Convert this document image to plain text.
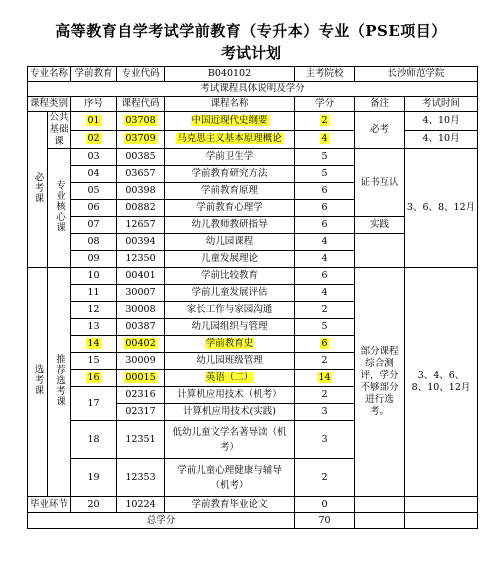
高等教育自学考试学前教育（专升本）专业（PSE项目）
考试计划
专业名称		学前教育	专业代码	B040102	主考院校	长沙师范学院	
考试课程具体说明及学分							
课程类别		序号	课程代码	课程名称	学分	备注	考试时间
必考课	公共基础课	01	03708	中国近现代史纲要	2	必考	4、10月
		02	03709	马克思主义基本原理概论	4		4、10月
	专业核心课	03	00385	学前卫生学	5	证书互认	3、6、8、12月
		04	03657	学前教育研究方法	5		
		05	00398	学前教育原理	6		
		06	00882	学前教育心理学	6		
		07	12657	幼儿教师教研指导	6	实践	
		08	00394	幼儿园课程	4		
		09	12350	儿童发展理论	4		
选考课	推荐选考课	10	00401	学前比较教育	6	部分课程综合测评，学分不够部分进行选考。	3、4、6、8、10、12月
		11	30007	学前儿童发展评估	4		
		12	30008	家长工作与家园沟通	2		
		13	00387	幼儿园组织与管理	5		
		14	00402	学前教育史	6		
		15	30009	幼儿园班级管理	2		
		16	00015	英语（二）	14		
		17	02316	计算机应用技术（机考）	2		
			02317	计算机应用技术(实践)	3		
		18	12351	低幼儿童文学名著导读（机考）	3		
		19	12353	学前儿童心理健康与辅导（机考）	2		
毕业环节		20	10224	学前教育毕业论文	0		
总学分					70		
